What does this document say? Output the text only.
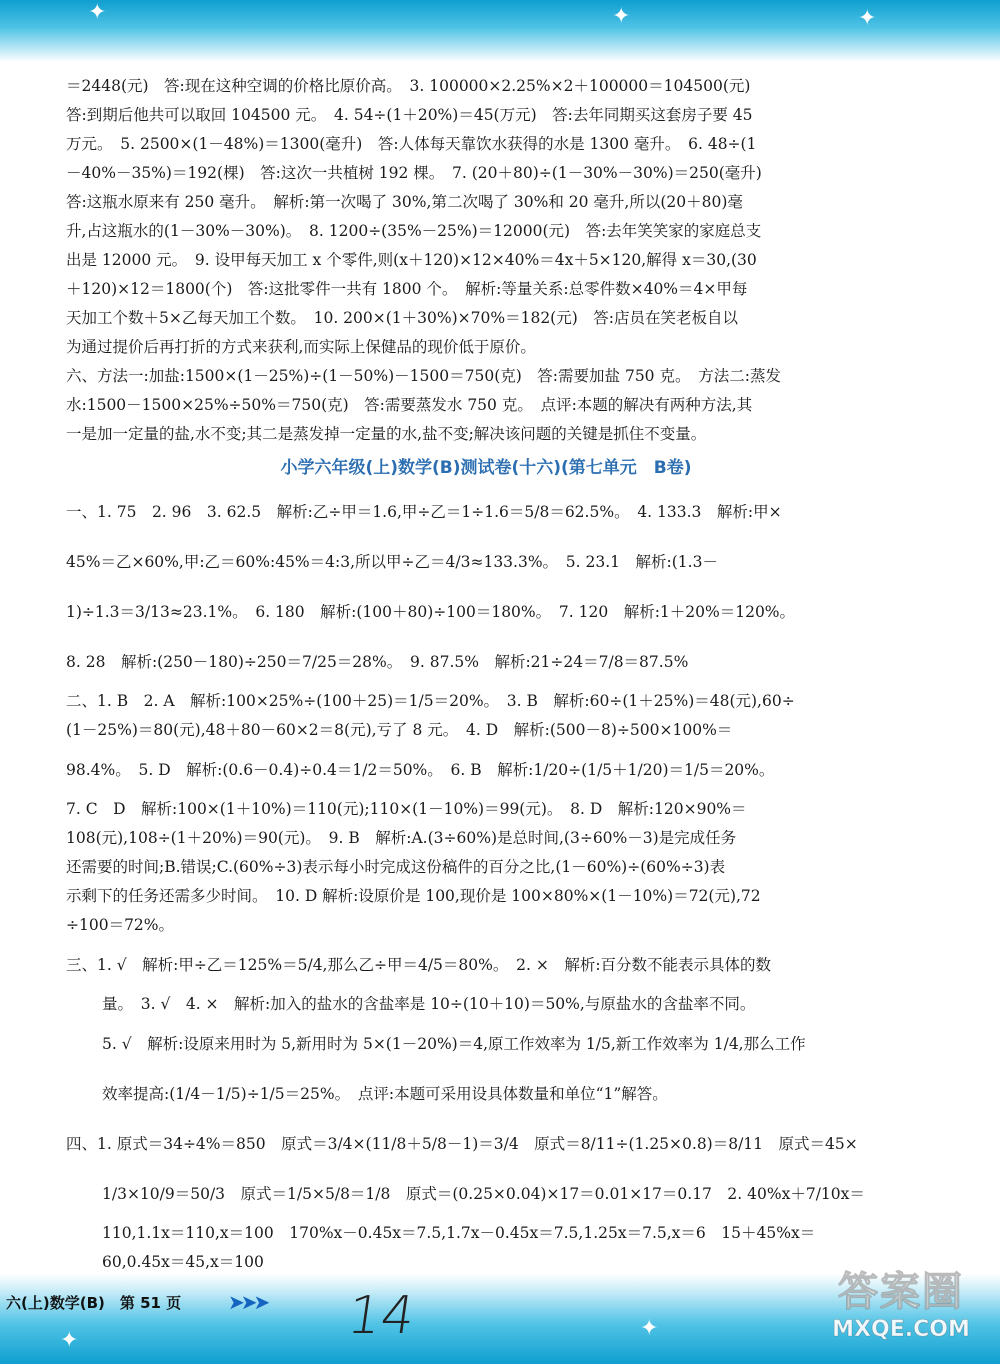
✦	✦	✦
✦
✦
＝2448(元)　答:现在这种空调的价格比原价高。　3. 100000×2.25%×2＋100000＝104500(元)
答:到期后他共可以取回 104500 元。　4. 54÷(1＋20%)＝45(万元)　答:去年同期买这套房子要 45
万元。　5. 2500×(1－48%)＝1300(毫升)　答:人体每天靠饮水获得的水是 1300 毫升。　6. 48÷(1
－40%－35%)＝192(棵)　答:这次一共植树 192 棵。　7. (20＋80)÷(1－30%－30%)＝250(毫升)
答:这瓶水原来有 250 毫升。　解析:第一次喝了 30%,第二次喝了 30%和 20 毫升,所以(20＋80)毫
升,占这瓶水的(1－30%－30%)。　8. 1200÷(35%－25%)＝12000(元)　答:去年笑笑家的家庭总支
出是 12000 元。　9. 设甲每天加工 x 个零件,则(x＋120)×12×40%＝4x＋5×120,解得 x＝30,(30
＋120)×12＝1800(个)　答:这批零件一共有 1800 个。　解析:等量关系:总零件数×40%＝4×甲每
天加工个数＋5×乙每天加工个数。　10. 200×(1＋30%)×70%＝182(元)　答:店员在笑老板自以
为通过提价后再打折的方式来获利,而实际上保健品的现价低于原价。
六、方法一:加盐:1500×(1－25%)÷(1－50%)－1500＝750(克)　答:需要加盐 750 克。　方法二:蒸发
水:1500－1500×25%÷50%＝750(克)　答:需要蒸发水 750 克。　点评:本题的解决有两种方法,其
一是加一定量的盐,水不变;其二是蒸发掉一定量的水,盐不变;解决该问题的关键是抓住不变量。
小学六年级(上)数学(B)测试卷(十六)(第七单元　B卷)
一、1. 75　2. 96　3. 62.5　解析:乙÷甲＝1.6,甲÷乙＝1÷1.6＝5/8＝62.5%。　4. 133.3　解析:甲×
45%＝乙×60%,甲:乙＝60%:45%＝4:3,所以甲÷乙＝4/3≈133.3%。　5. 23.1　解析:(1.3－
1)÷1.3＝3/13≈23.1%。　6. 180　解析:(100＋80)÷100＝180%。　7. 120　解析:1＋20%＝120%。
8. 28　解析:(250－180)÷250＝7/25＝28%。　9. 87.5%　解析:21÷24＝7/8＝87.5%
二、1. B　2. A　解析:100×25%÷(100＋25)＝1/5＝20%。　3. B　解析:60÷(1＋25%)＝48(元),60÷
(1－25%)＝80(元),48＋80－60×2＝8(元),亏了 8 元。　4. D　解析:(500－8)÷500×100%＝
98.4%。　5. D　解析:(0.6－0.4)÷0.4＝1/2＝50%。　6. B　解析:1/20÷(1/5＋1/20)＝1/5＝20%。
7. C　D　解析:100×(1＋10%)＝110(元);110×(1－10%)＝99(元)。　8. D　解析:120×90%＝
108(元),108÷(1＋20%)＝90(元)。　9. B　解析:A.(3÷60%)是总时间,(3÷60%－3)是完成任务
还需要的时间;B.错误;C.(60%÷3)表示每小时完成这份稿件的百分之比,(1－60%)÷(60%÷3)表
示剩下的任务还需多少时间。　10. D 解析:设原价是 100,现价是 100×80%×(1－10%)＝72(元),72
÷100＝72%。
三、1. √　解析:甲÷乙＝125%＝5/4,那么乙÷甲＝4/5＝80%。　2. ×　解析:百分数不能表示具体的数
量。　3. √　4. ×　解析:加入的盐水的含盐率是 10÷(10＋10)＝50%,与原盐水的含盐率不同。
5. √　解析:设原来用时为 5,新用时为 5×(1－20%)＝4,原工作效率为 1/5,新工作效率为 1/4,那么工作
效率提高:(1/4－1/5)÷1/5＝25%。　点评:本题可采用设具体数量和单位“1”解答。
四、1. 原式＝34÷4%＝850　原式＝3/4×(11/8＋5/8－1)＝3/4　原式＝8/11÷(1.25×0.8)＝8/11　原式＝45×
1/3×10/9＝50/3　原式＝1/5×5/8＝1/8　原式＝(0.25×0.04)×17＝0.01×17＝0.17　2. 40%x＋7/10x＝
110,1.1x＝110,x＝100　170%x－0.45x＝7.5,1.7x－0.45x＝7.5,1.25x＝7.5,x＝6　15＋45%x＝
60,0.45x＝45,x＝100
六(上)数学(B)　第 51 页 ➤➤➤ 14	答案圈
MXQE.COM
